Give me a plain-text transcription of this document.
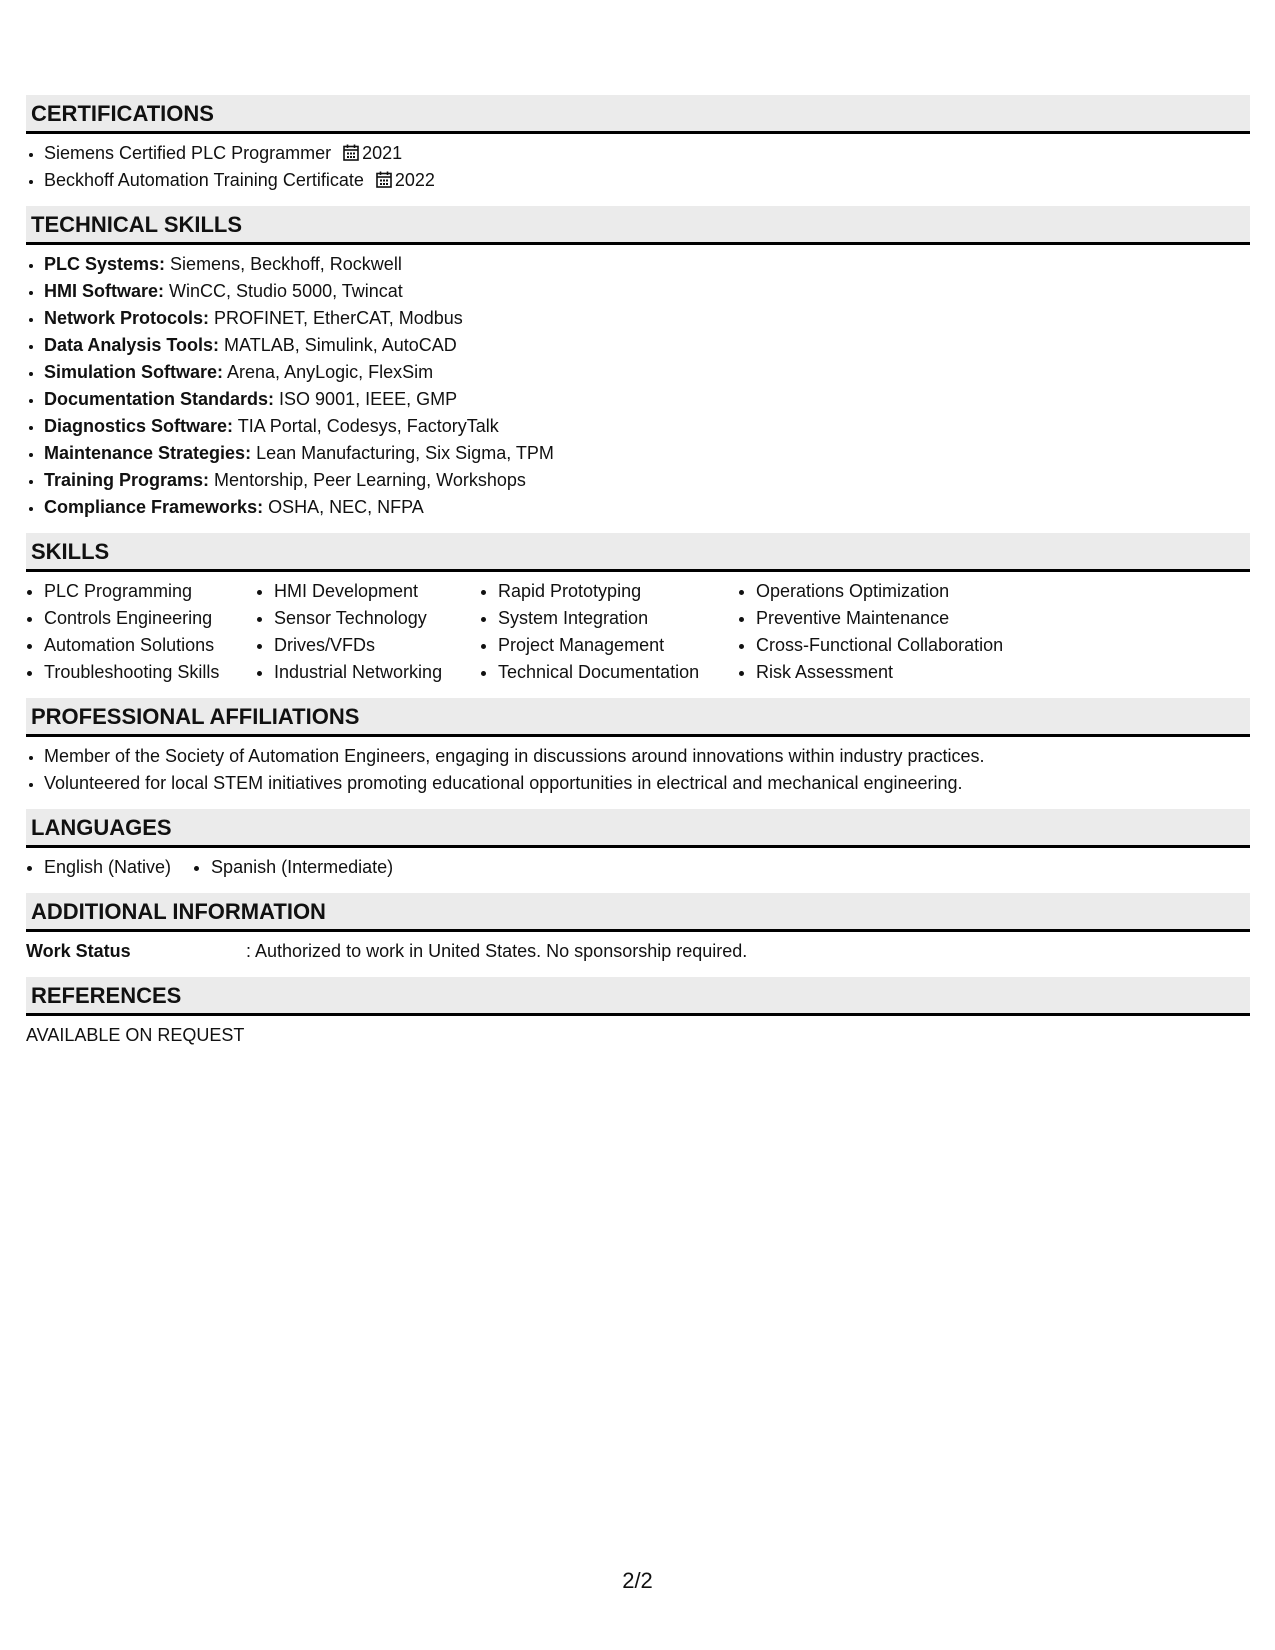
CERTIFICATIONS
• Siemens Certified PLC Programmer 2021
• Beckhoff Automation Training Certificate 2022
TECHNICAL SKILLS
• PLC Systems: Siemens, Beckhoff, Rockwell
• HMI Software: WinCC, Studio 5000, Twincat
• Network Protocols: PROFINET, EtherCAT, Modbus
• Data Analysis Tools: MATLAB, Simulink, AutoCAD
• Simulation Software: Arena, AnyLogic, FlexSim
• Documentation Standards: ISO 9001, IEEE, GMP
• Diagnostics Software: TIA Portal, Codesys, FactoryTalk
• Maintenance Strategies: Lean Manufacturing, Six Sigma, TPM
• Training Programs: Mentorship, Peer Learning, Workshops
• Compliance Frameworks: OSHA, NEC, NFPA
SKILLS
• PLC Programming
• Controls Engineering
• Automation Solutions
• Troubleshooting Skills
• HMI Development
• Sensor Technology
• Drives/VFDs
• Industrial Networking
• Rapid Prototyping
• System Integration
• Project Management
• Technical Documentation
• Operations Optimization
• Preventive Maintenance
• Cross-Functional Collaboration
• Risk Assessment
PROFESSIONAL AFFILIATIONS
• Member of the Society of Automation Engineers, engaging in discussions around innovations within industry practices.
• Volunteered for local STEM initiatives promoting educational opportunities in electrical and mechanical engineering.
LANGUAGES
• English (Native)
• Spanish (Intermediate)
ADDITIONAL INFORMATION
Work Status	: Authorized to work in United States. No sponsorship required.
REFERENCES
AVAILABLE ON REQUEST
2/2
